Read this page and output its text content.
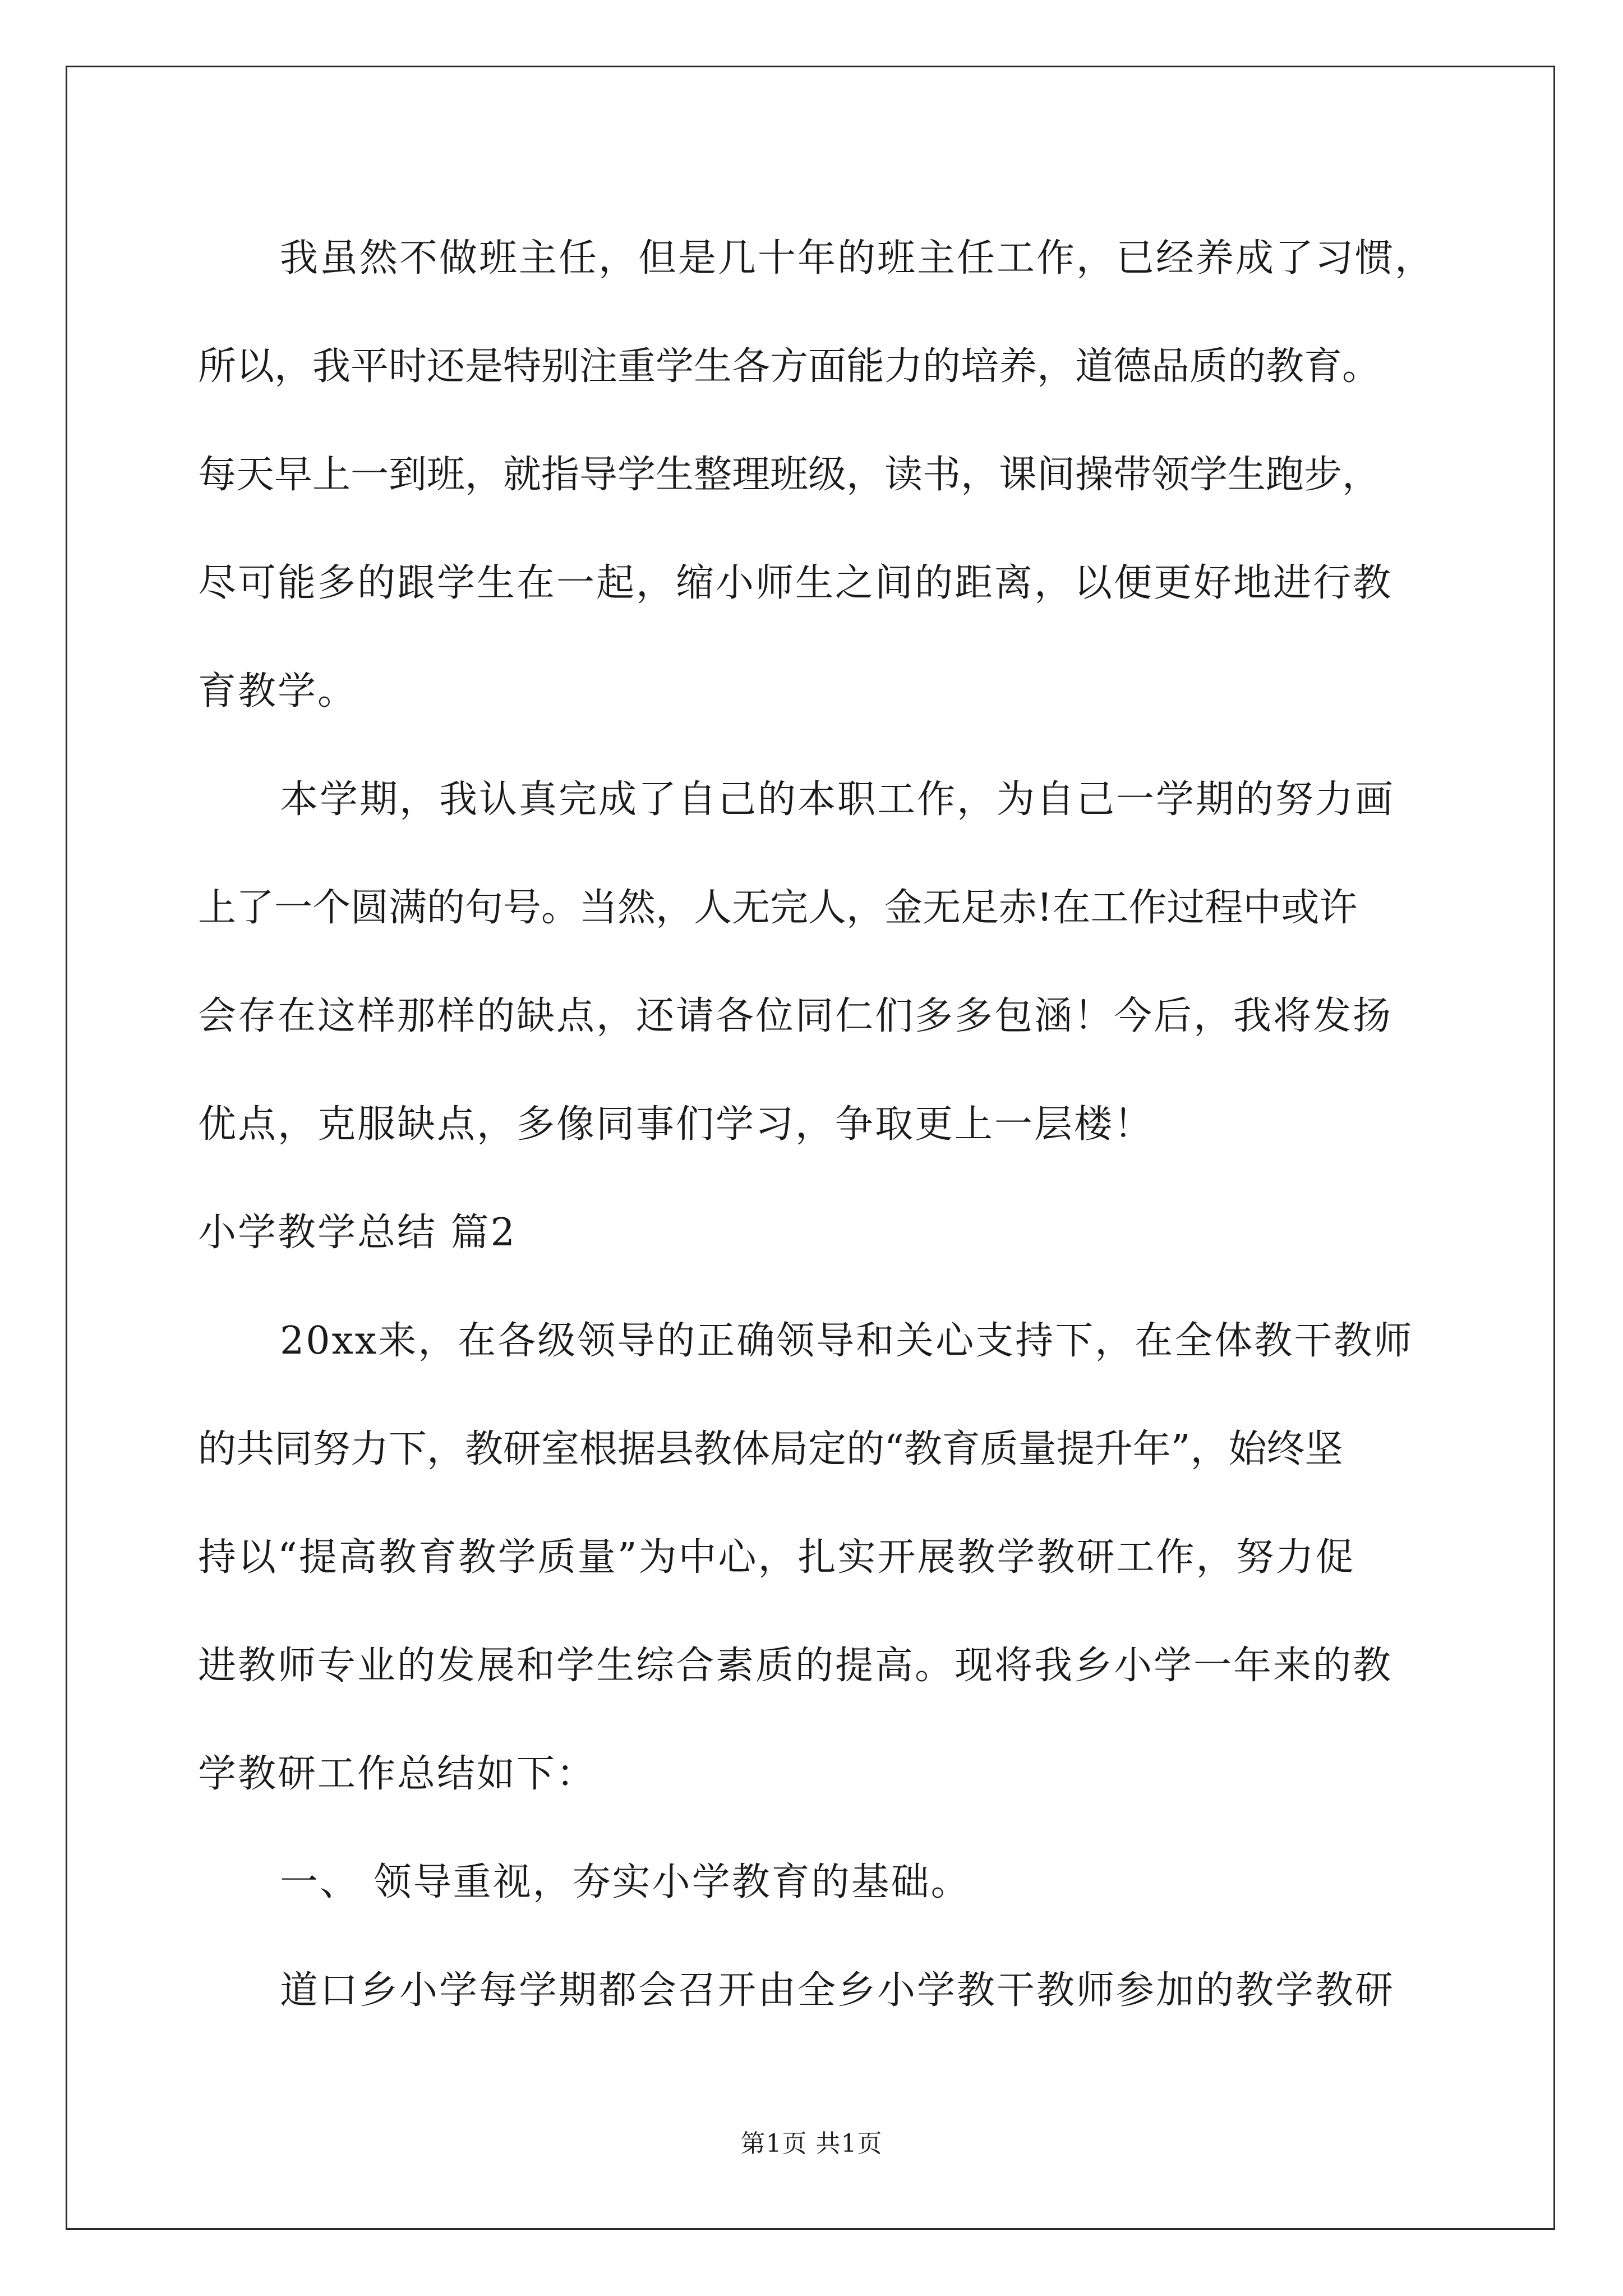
我虽然不做班主任，但是几十年的班主任工作，已经养成了习惯，
所以，我平时还是特别注重学生各方面能力的培养，道德品质的教育。
每天早上一到班，就指导学生整理班级，读书，课间操带领学生跑步，
尽可能多的跟学生在一起，缩小师生之间的距离，以便更好地进行教
育教学。
本学期，我认真完成了自己的本职工作，为自己一学期的努力画
上了一个圆满的句号。当然，人无完人，金无足赤!在工作过程中或许
会存在这样那样的缺点，还请各位同仁们多多包涵！今后，我将发扬
优点，克服缺点，多像同事们学习，争取更上一层楼！
小学教学总结 篇2
20xx来，在各级领导的正确领导和关心支持下，在全体教干教师
的共同努力下，教研室根据县教体局定的“教育质量提升年”，始终坚
持以“提高教育教学质量”为中心，扎实开展教学教研工作，努力促
进教师专业的发展和学生综合素质的提高。现将我乡小学一年来的教
学教研工作总结如下：
一、 领导重视，夯实小学教育的基础。
道口乡小学每学期都会召开由全乡小学教干教师参加的教学教研
第1页 共1页
